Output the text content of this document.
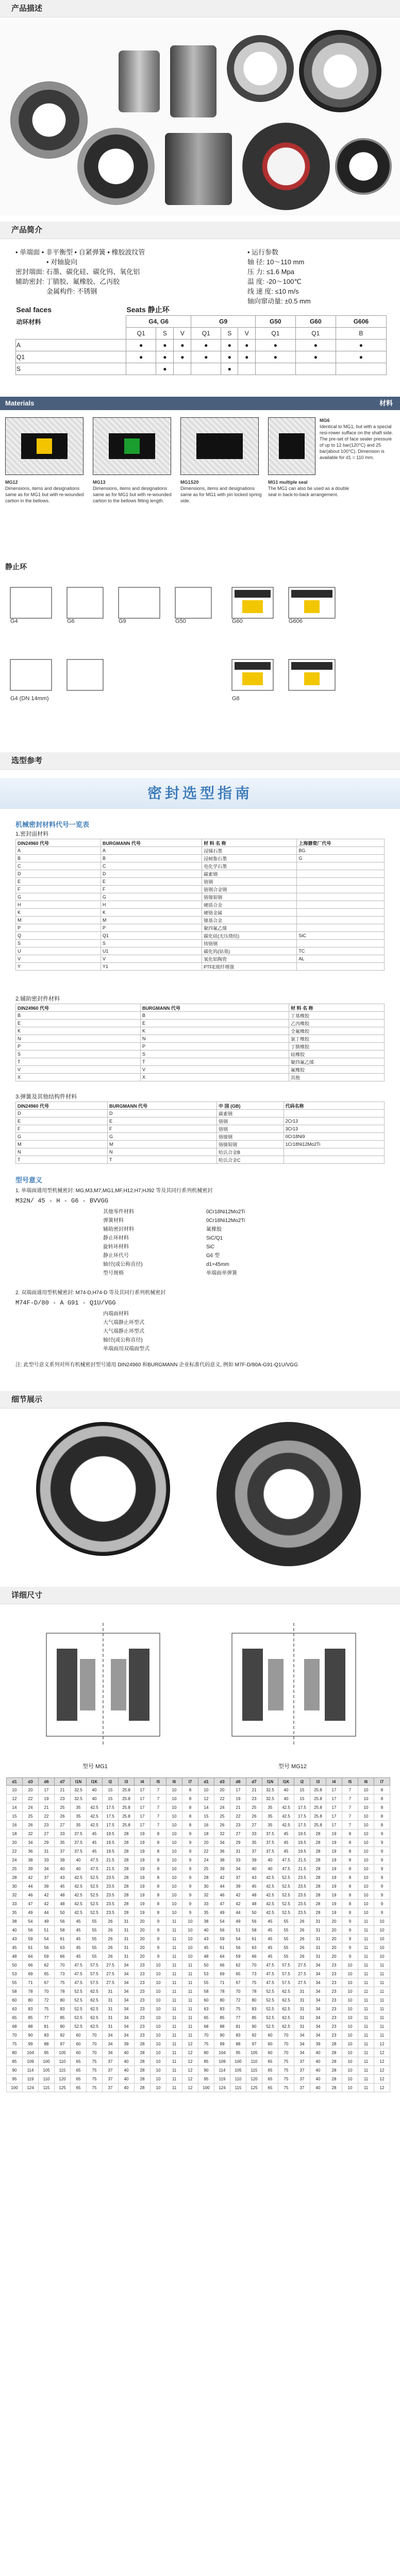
产品描述
产品简介
• 单端面 • 非平衡型 • 自紧弹簧 • 橡胶波纹管
• 对轴旋向
密封端面: 石墨、碳化硅、碳化钨、氧化铝
辅助密封: 丁腈胶、氟橡胶、乙丙胶
金属构件: 不锈钢
• 运行参数
轴 径: 10～110 mm
压 力: ≤1.6 Mpa
温 度: -20～100℃
线 速 度: ≤10 m/s
轴向窜动量: ±0.5 mm
Seal faces	Seats 静止环								
动环材料	G4, G6			G9			G50	G60	G606
	Q1	S	V	Q1	S	V	Q1	Q1	B
A	●	●	●	●	●	●	●	●	●
Q1	●	●	●	●	●	●	●	●	●
S		●			●				
Materials	材料
MG6
Identical to MG1, but with a special resi-rower sufface on the shaft side. The pre-set of face sealer pressure of up to 12 bar(120°C) and 25 bar(about 100°C). Dimension is available for d1 = 110 mm.
MG12
Dimensions, items and designations same as for MG1 but with re-wounded cartion in the bellows.
MG13
Dimensions, items and designations same as for MG1 but with re-wounded cartion to the bellows fitting length.
MG1S20
Dimensions, items and designations same as for MG1 with pin locked spring side.
MG1 multiple seal
The MG1 can also be used as a double seal in back-to-back arrangement.
静止环
G4	G6	G9	G50	G60	G606
G4 (DN 14mm)	G8
选型参考
密封选型指南
机械密封材料代号一览表
1.密封面材料
DIN24960 代号	BURGMANN 代号	材 料 名 称	上海搪瓷厂代号
A	A	浸锑石墨	BG
B	B	浸树脂石墨	G
C	C	电化学石墨	
D	D	碳素钢	
E	E	铬钢	
F	F	铬钢合金钢	
G	G	铬镍钼钢	
H	H	硬质合金	
K	K	硬铬金属	
M	M	镍基合金	
P	P	聚四氟乙烯	
Q	Q1	碳化硅(无压烧结)	SiC
S	S	铸铬钢	
U	U1	碳化钨(钴基)	TC
V	V	氧化铝陶瓷	AL
Y	Y1	PTFE玻纤增强	
2.辅助密封件材料
DIN24960 代号	BURGMANN 代号	材 料 名 称
B	B	丁基橡胶
E	E	乙丙橡胶
K	K	全氟橡胶
N	N	氯丁橡胶
P	P	丁腈橡胶
S	S	硅橡胶
T	T	聚四氟乙烯
V	V	氟橡胶
X	X	其他
3.弹簧及其他结构件材料
DIN24960 代号	BURGMANN 代号	中 国 (GB)	代码名称
D	D	碳素钢	
E	E	铬钢	2Cr13
F	F	铬钢	3Cr13
G	G	铬镍钢	0Cr18Ni9
M	M	铬镍钼钢	1Cr18Ni12Mo2Ti
N	N	哈氏合金B	
T	T	哈氏合金C	
型号意义
1. 单端面通用型机械密封: MG,M3,M7,MG1,MF,H12,H7,HJ92 等及其同行系列机械密封
M32N/ 45 - H - G6 - BVVGG
其他零件材料	0Cr18Ni12Mo2Ti
弹簧材料	0Cr18Ni12Mo2Ti
辅助密封材料	氟橡胶
静止环材料	SiC/Q1
旋转环材料	SiC
静止环代号	G6 型
轴径(或公称直径)	d1=45mm
型号规格	单端面单弹簧
2. 双端面通用型机械密封: M74-D,H74-D 等及其同行系列机械密封
M74F-D/80 - A G91 - Q1U/VGG
内端面材料
大气端静止环型式
大气端静止环型式
轴径(或公称直径)
单端面用双端面型式
注: 此型号意义系列对所有机械密封型号通用 DIN24960 和BURGMANN 企业标准代码意义, 例如 M7F-D/80A-G91-Q1U/VGG
细节展示
详细尺寸
型号 MG1	型号 MG12
d1	d3	d6	d7	l1N	l1K	l2	l3	l4	l5	l6	l7	d1	d3	d6	d7	l1N	l1K	l2	l3	l4	l5	l6	l7
10	20	17	21	32.5	40	15	25.8	17	7	10	8	10	20	17	21	32.5	40	15	25.8	17	7	10	8
12	22	19	23	32.5	40	15	25.8	17	7	10	8	12	22	19	23	32.5	40	15	25.8	17	7	10	8
14	24	21	25	35	42.5	17.5	25.8	17	7	10	8	14	24	21	25	35	42.5	17.5	25.8	17	7	10	8
15	25	22	26	35	42.5	17.5	25.8	17	7	10	8	15	25	22	26	35	42.5	17.5	25.8	17	7	10	8
16	26	23	27	35	42.5	17.5	25.8	17	7	10	8	16	26	23	27	35	42.5	17.5	25.8	17	7	10	8
18	32	27	33	37.5	45	19.5	28	19	8	10	9	18	32	27	33	37.5	45	19.5	28	19	8	10	9
20	34	29	35	37.5	45	19.5	28	19	8	10	9	20	34	29	35	37.5	45	19.5	28	19	8	10	9
22	36	31	37	37.5	45	19.5	28	19	8	10	9	22	36	31	37	37.5	45	19.5	28	19	8	10	9
24	38	33	39	40	47.5	21.5	28	19	8	10	9	24	38	33	39	40	47.5	21.5	28	19	8	10	9
25	39	34	40	40	47.5	21.5	28	19	8	10	9	25	39	34	40	40	47.5	21.5	28	19	8	10	9
28	42	37	43	42.5	52.5	23.5	28	19	8	10	9	28	42	37	43	42.5	52.5	23.5	28	19	8	10	9
30	44	39	45	42.5	52.5	23.5	28	19	8	10	9	30	44	39	45	42.5	52.5	23.5	28	19	8	10	9
32	46	42	48	42.5	52.5	23.5	28	19	8	10	9	32	46	42	48	42.5	52.5	23.5	28	19	8	10	9
33	47	42	48	42.5	52.5	23.5	28	19	8	10	9	33	47	42	48	42.5	52.5	23.5	28	19	8	10	9
35	49	44	50	42.5	52.5	23.5	28	19	8	10	9	35	49	44	50	42.5	52.5	23.5	28	19	8	10	9
38	54	49	56	45	55	26	31	20	9	11	10	38	54	49	56	45	55	26	31	20	9	11	10
40	56	51	58	45	55	26	31	20	9	11	10	40	56	51	58	45	55	26	31	20	9	11	10
43	59	54	61	45	55	26	31	20	9	11	10	43	59	54	61	45	55	26	31	20	9	11	10
45	61	56	63	45	55	26	31	20	9	11	10	45	61	56	63	45	55	26	31	20	9	11	10
48	64	59	66	45	55	26	31	20	9	11	10	48	64	59	66	45	55	26	31	20	9	11	10
50	66	62	70	47.5	57.5	27.5	34	23	10	11	11	50	66	62	70	47.5	57.5	27.5	34	23	10	11	11
53	69	65	73	47.5	57.5	27.5	34	23	10	11	11	53	69	65	73	47.5	57.5	27.5	34	23	10	11	11
55	71	67	75	47.5	57.5	27.5	34	23	10	11	11	55	71	67	75	47.5	57.5	27.5	34	23	10	11	11
58	78	70	78	52.5	62.5	31	34	23	10	11	11	58	78	70	78	52.5	62.5	31	34	23	10	11	11
60	80	72	80	52.5	62.5	31	34	23	10	11	11	60	80	72	80	52.5	62.5	31	34	23	10	11	11
63	83	75	83	52.5	62.5	31	34	23	10	11	11	63	83	75	83	52.5	62.5	31	34	23	10	11	11
65	85	77	85	52.5	62.5	31	34	23	10	11	11	65	85	77	85	52.5	62.5	31	34	23	10	11	11
68	88	81	90	52.5	62.5	31	34	23	10	11	11	68	88	81	90	52.5	62.5	31	34	23	10	11	11
70	90	83	92	60	70	34	34	23	10	11	11	70	90	83	92	60	70	34	34	23	10	11	11
75	99	88	97	60	70	34	39	28	10	11	12	75	99	88	97	60	70	34	39	28	10	11	12
80	104	95	105	60	70	34	40	28	10	11	12	80	104	95	105	60	70	34	40	28	10	11	12
85	109	100	110	65	75	37	40	28	10	11	12	85	109	100	110	65	75	37	40	28	10	11	12
90	114	105	115	65	75	37	40	28	10	11	12	90	114	105	115	65	75	37	40	28	10	11	12
95	119	110	120	65	75	37	40	28	10	11	12	95	119	110	120	65	75	37	40	28	10	11	12
100	124	115	125	65	75	37	40	28	10	11	12	100	124	115	125	65	75	37	40	28	10	11	12
